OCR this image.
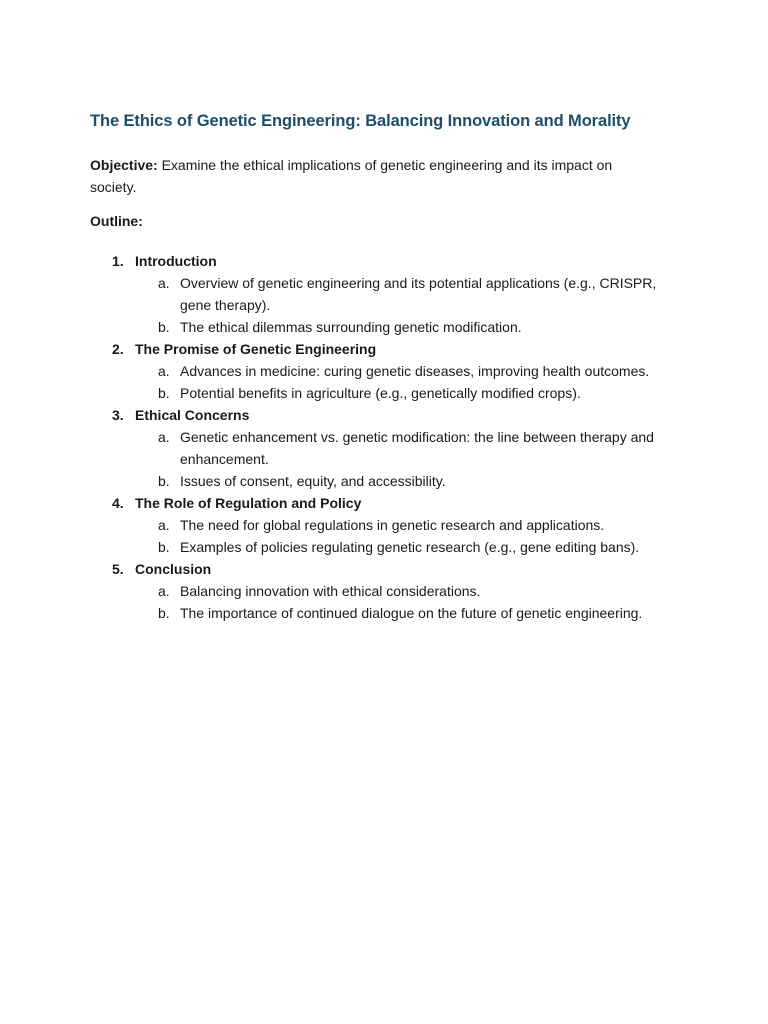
The Ethics of Genetic Engineering: Balancing Innovation and Morality

Objective: Examine the ethical implications of genetic engineering and its impact on society.

Outline:

1. Introduction
a. Overview of genetic engineering and its potential applications (e.g., CRISPR, gene therapy).
b. The ethical dilemmas surrounding genetic modification.
2. The Promise of Genetic Engineering
a. Advances in medicine: curing genetic diseases, improving health outcomes.
b. Potential benefits in agriculture (e.g., genetically modified crops).
3. Ethical Concerns
a. Genetic enhancement vs. genetic modification: the line between therapy and enhancement.
b. Issues of consent, equity, and accessibility.
4. The Role of Regulation and Policy
a. The need for global regulations in genetic research and applications.
b. Examples of policies regulating genetic research (e.g., gene editing bans).
5. Conclusion
a. Balancing innovation with ethical considerations.
b. The importance of continued dialogue on the future of genetic engineering.
